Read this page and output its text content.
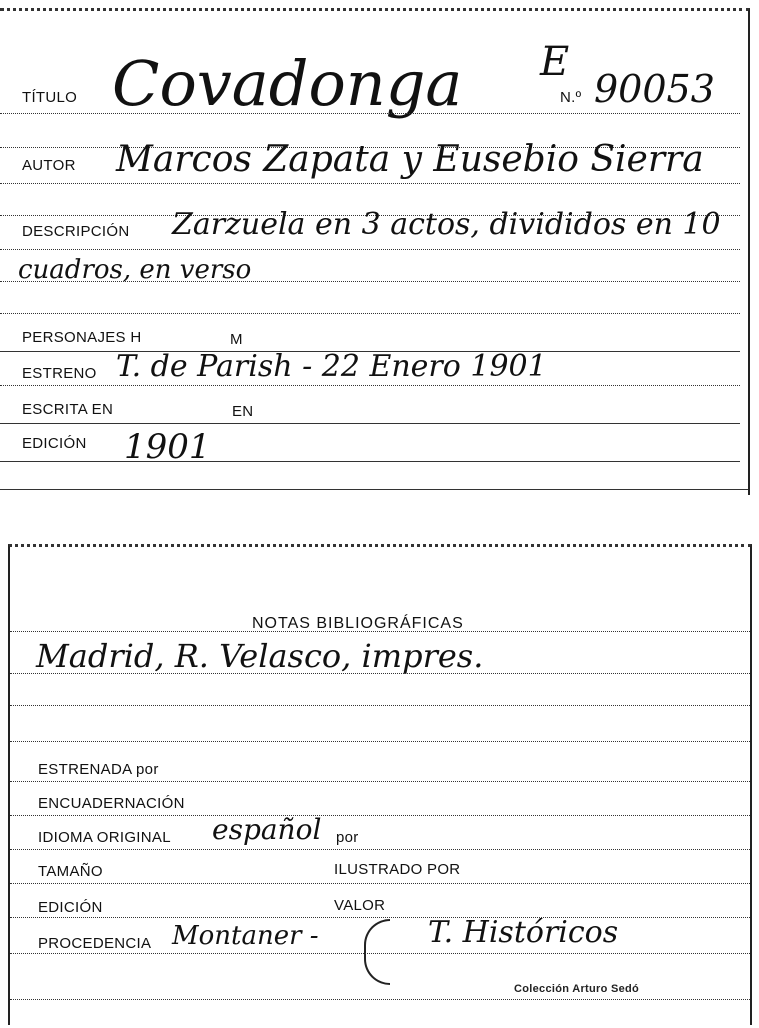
TÍTULO Covadonga E
N.º 90053
AUTOR Marcos Zapata y Eusebio Sierra
DESCRIPCIÓN Zarzuela en 3 actos, divididos en 10
cuadros, en verso
PERSONAJES H	M
ESTRENO T. de Parish - 22 Enero 1901
ESCRITA EN	EN
EDICIÓN 1901
NOTAS BIBLIOGRÁFICAS
Madrid, R. Velasco, impres.
ESTRENADA por
ENCUADERNACIÓN
IDIOMA ORIGINAL español por
TAMAÑO	ILUSTRADO POR
EDICIÓN	VALOR
PROCEDENCIA Montaner -	T. Históricos
Colección Arturo Sedó
